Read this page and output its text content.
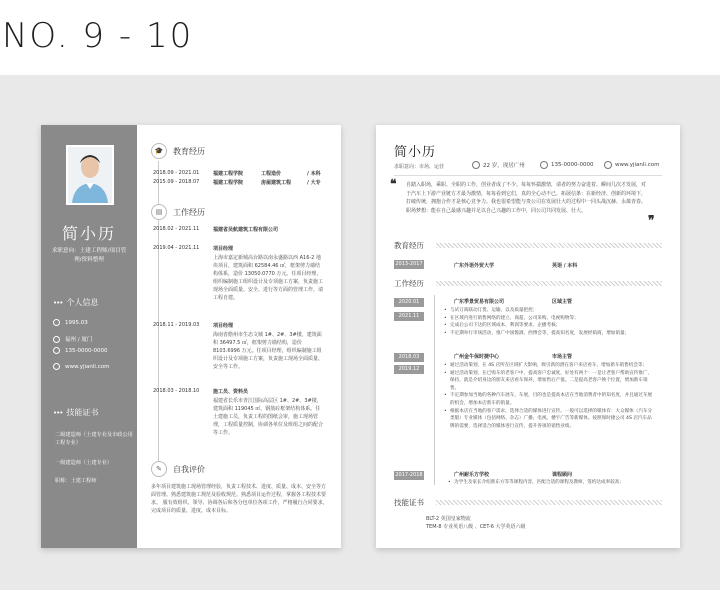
NO. 9 - 10
简小历
求职意向：土建工程师/项目管理/资料整理
••• 个人信息
1995.03
福州 / 厦门
135-0000-0000
www.yjianli.com
••• 技能证书
二级建造师（土建专业及市政公用工程专业）
一级建造师（土建专业）
职称：土建工程师
🎓	教育经历
2018.09 - 2021.01	福建工程学院	工程造价	/ 本科
2015.09 - 2018.07	福建工程学院	房屋建筑工程	/ 大专
▤	工作经历
2018.02 - 2021.11	福建省吴航建筑工程有限公司
2019.04 - 2021.11	项目经理
上海市嘉定新城高台路以南永盛路以西 A16-2 地块项目，建筑面积 62584.46 ㎡，框架剪力墙结构体系，造价 13050.0770 万元。任项目经理，组织编制施工组织设计及专项施工方案，负责施工现场全面质量、安全、进行等方面的管理工作，请工程自建。
2018.11 - 2019.03	项目经理
海南省儋州市生态文城 1#、2#、3#楼，建筑面积 36497.5 ㎡，框架剪力墙结构，造价 8103.6996 万元。任项目经理，组织编制施工组织设计及专项施工方案，负责施工现场全面质量、安全等工作。
2018.03 - 2018.10	施工员、资料员
福建省长乐市青江国际高层区 1#、2#、3#楼，建筑面积 119045 ㎡，钢筋砼框架结构体系。任土建施工员，负责工程的图纸会审，施工现场管理，工程质量控制，协调各单位及班组之间的配合等工作。
✎	自我评价
多年项目建筑施工现场管理经验，负责工程技术、进度、质量、成本、安全等方面管理。熟悉建筑施工规范及验收规范。熟悉项目运作过程，掌握各工程技术要求。 服有效组织、领导、协调各后和各分包单位各项工作，严格履行合同要求，完成项目的质量、进度、成本目标。
简小历
求职意向：市场、运营	22 岁，现居广州	135-0000-0000	www.yjianli.com
❝	自踏入职场，乘职、全职的工作，创业者成了不少。每每怀揣激情，请者的努力奋进着。瞬间几次才发展，对于汽车上下游产业链方才最为激情，每每看到它们，真的全心动不已。拓展信条：在新经济、创新的环境下，打破传统，拥抱合作才是核心竞争力。我也很希望能与贵公司在发展壮大的过程中一同头战沉赫、永葆青春。职场梦想：能在自己最感兴趣并足以自己兴趣的工作中，同公司共同发展、壮大。
❞
教育经历
2013-2017	广东外语外贸大学	英语 / 本科
工作经历
2020.01
2021.11
广东季景贸易有限公司	区域主管
• 与试订商联动订货、运输，以及质量把控；
• 在区域内进行销售网络的建立，商超、公司采购、电视购物等；
• 完成后公司下达的区域成本、利润等要求，企播考核；
• 不定期举行市场活动，推广中国酱酒、西博会等，提高知名度，发展经销商，增加销量；
2018.03
2019.12
广州金牛保时捷中心	市场主管
• 通过活动策划，在 4S 店所在区域扩大影响，吸引新的潜在客户来店看车，增加新车销售机会等；
• 通过活动策划，在已购车的老客户中，提高客户忠诚度，好处有两个：一是让老客户帮助宣传推广，保持，就是介绍身边的朋友来店看车保养，增加售后产值。二是提高老客户换个位置，增加新车销售。
• 不定期参加当地的各种汽车展车，车展，目的也是提高本店在当地消费者中的知名度，并且通过车展的机会，增加本店新车的销量。
• 根据本店在当地的客户需求，选择合适的媒体进行宣传。一般可以选择的媒体有：大众媒体（汽车分类版）专业媒体（包括网络、杂志）广播、电视。楼宇广告等新媒体。按照保时捷公司 4S 店汽车品牌的需要，选择适合的媒体进行宣传，提升各项的销售业绩。
2017-2018	广州耐乐方学校	课程顾问
• 为学生及家长介绍新东方等等课程内容，匹配合适的课程及教师，签约达成率较高；
技能证书
BLT-2 英国皇家物流
TEM-8 专业英语八级 、CET-6 大学英语六级
